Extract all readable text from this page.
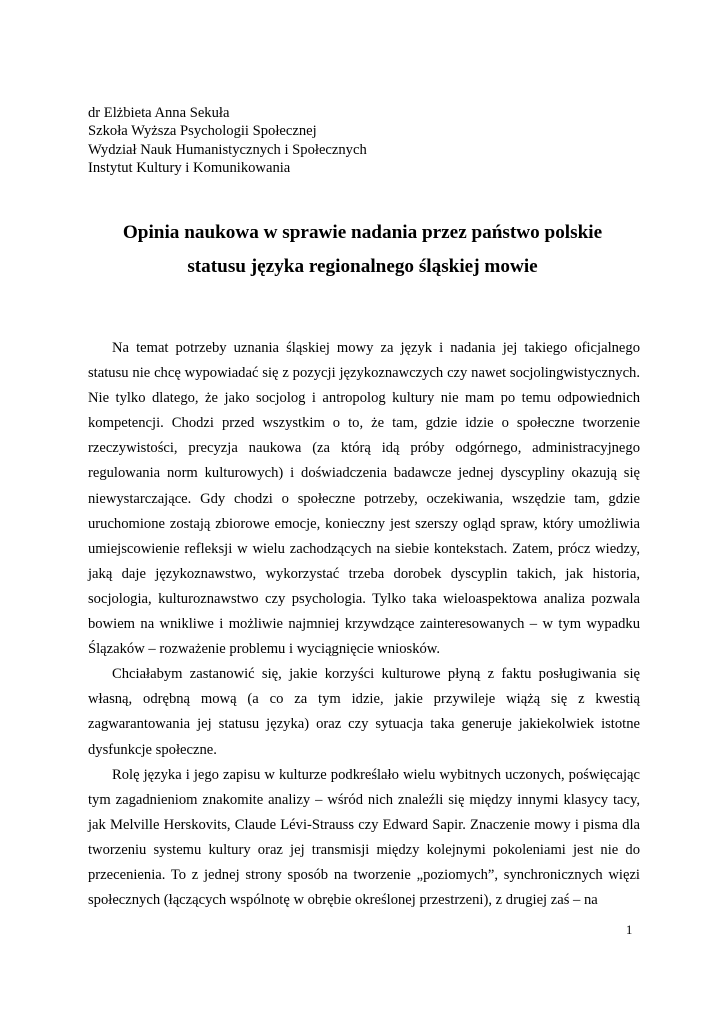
dr Elżbieta Anna Sekuła
Szkoła Wyższa Psychologii Społecznej
Wydział Nauk Humanistycznych i Społecznych
Instytut Kultury i Komunikowania
Opinia naukowa w sprawie nadania przez państwo polskie
statusu języka regionalnego śląskiej mowie

Na temat potrzeby uznania śląskiej mowy za język i nadania jej takiego oficjalnego statusu nie chcę wypowiadać się z pozycji językoznawczych czy nawet socjolingwistycznych. Nie tylko dlatego, że jako socjolog i antropolog kultury nie mam po temu odpowiednich kompetencji. Chodzi przed wszystkim o to, że tam, gdzie idzie o społeczne tworzenie rzeczywistości, precyzja naukowa (za którą idą próby odgórnego, administracyjnego regulowania norm kulturowych) i doświadczenia badawcze jednej dyscypliny okazują się niewystarczające. Gdy chodzi o społeczne potrzeby, oczekiwania, wszędzie tam, gdzie uruchomione zostają zbiorowe emocje, konieczny jest szerszy ogląd spraw, który umożliwia umiejscowienie refleksji w wielu zachodzących na siebie kontekstach. Zatem, prócz wiedzy, jaką daje językoznawstwo, wykorzystać trzeba dorobek dyscyplin takich, jak historia, socjologia, kulturoznawstwo czy psychologia. Tylko taka wieloaspektowa analiza pozwala bowiem na wnikliwe i możliwie najmniej krzywdzące zainteresowanych – w tym wypadku Ślązaków – rozważenie problemu i wyciągnięcie wniosków.

Chciałabym zastanowić się, jakie korzyści kulturowe płyną z faktu posługiwania się własną, odrębną mową (a co za tym idzie, jakie przywileje wiążą się z kwestią zagwarantowania jej statusu języka) oraz czy sytuacja taka generuje jakiekolwiek istotne dysfunkcje społeczne.

Rolę języka i jego zapisu w kulturze podkreślało wielu wybitnych uczonych, poświęcając tym zagadnieniom znakomite analizy – wśród nich znaleźli się między innymi klasycy tacy, jak Melville Herskovits, Claude Lévi-Strauss czy Edward Sapir. Znaczenie mowy i pisma dla tworzeniu systemu kultury oraz jej transmisji między kolejnymi pokoleniami jest nie do przecenienia. To z jednej strony sposób na tworzenie „poziomych”, synchronicznych więzi społecznych (łączących wspólnotę w obrębie określonej przestrzeni), z drugiej zaś – na

1
